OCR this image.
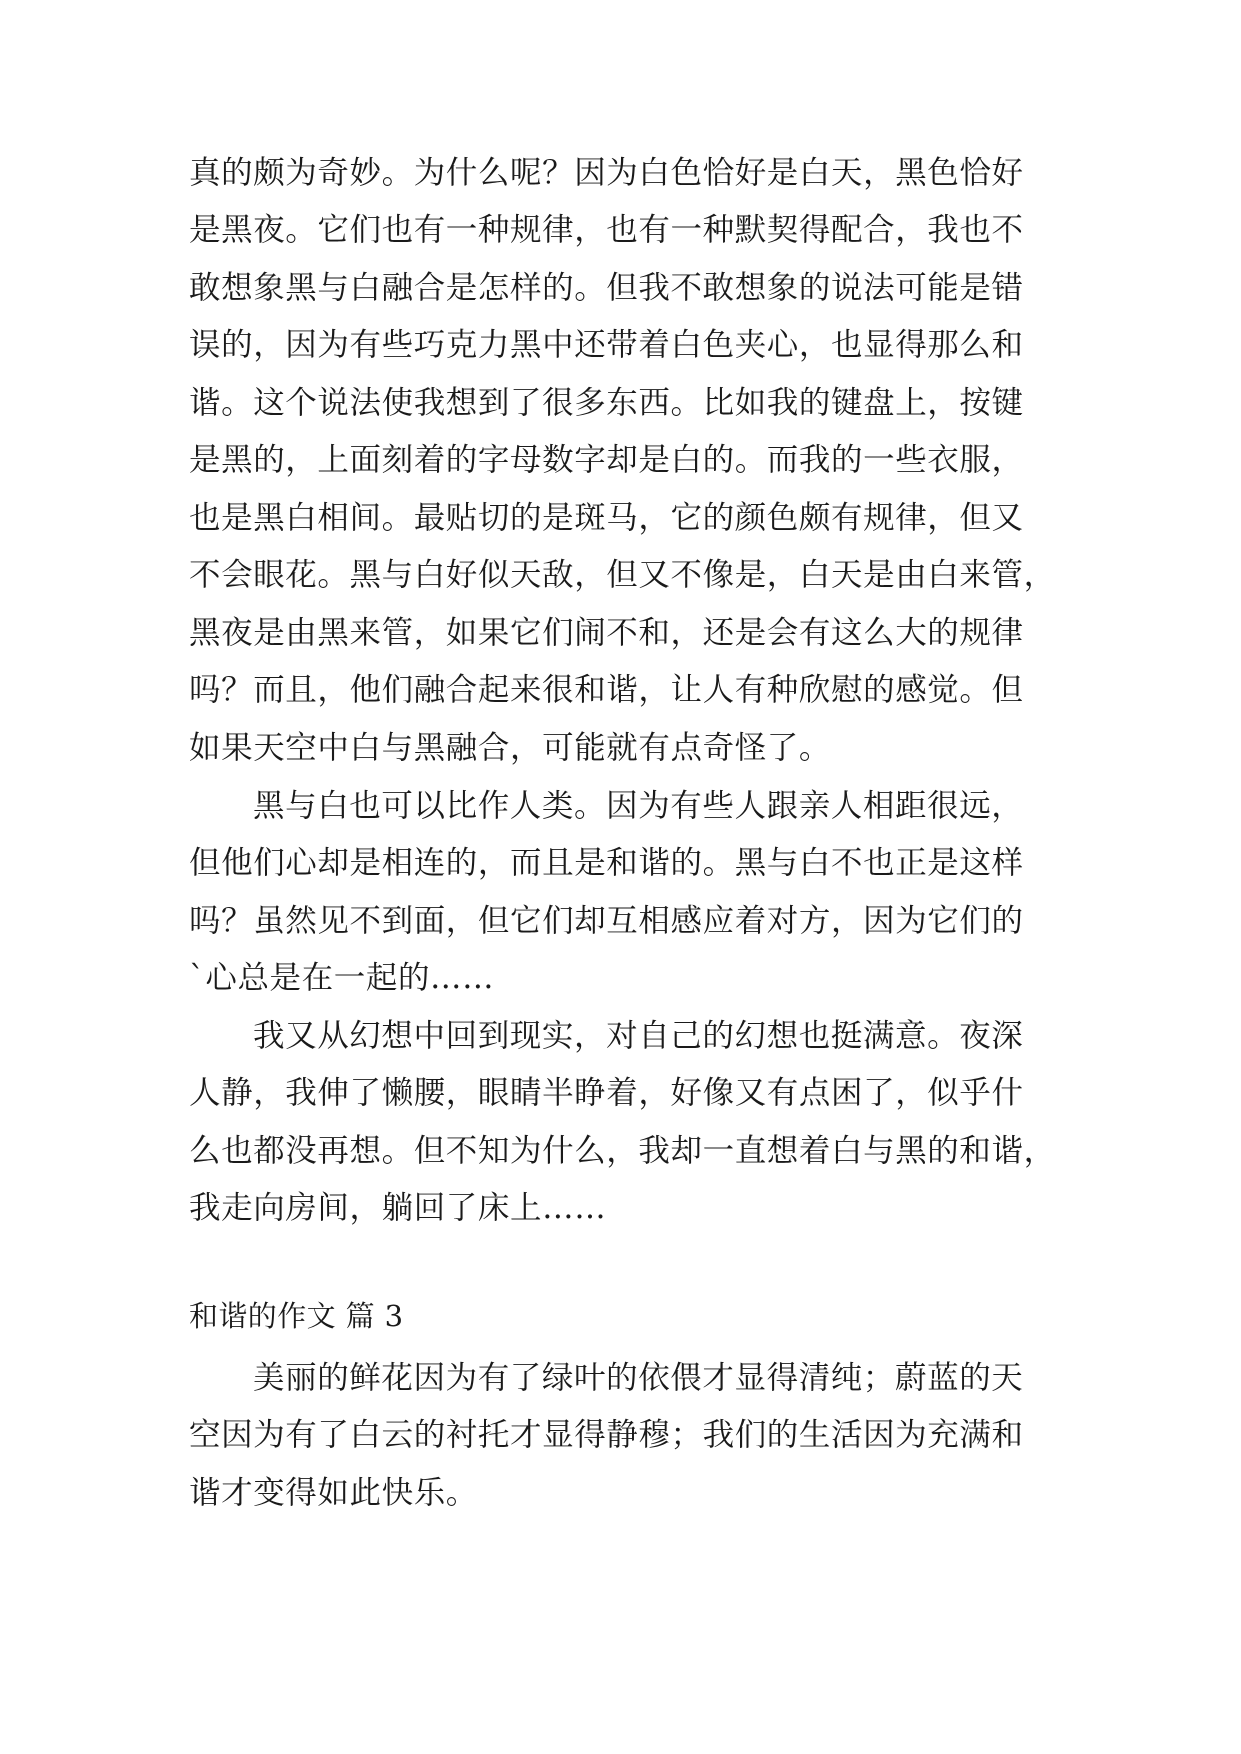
真的颇为奇妙。为什么呢？因为白色恰好是白天，黑色恰好
是黑夜。它们也有一种规律，也有一种默契得配合，我也不
敢想象黑与白融合是怎样的。但我不敢想象的说法可能是错
误的，因为有些巧克力黑中还带着白色夹心，也显得那么和
谐。这个说法使我想到了很多东西。比如我的键盘上，按键
是黑的，上面刻着的字母数字却是白的。而我的一些衣服，
也是黑白相间。最贴切的是斑马，它的颜色颇有规律，但又
不会眼花。黑与白好似天敌，但又不像是，白天是由白来管，
黑夜是由黑来管，如果它们闹不和，还是会有这么大的规律
吗？而且，他们融合起来很和谐，让人有种欣慰的感觉。但
如果天空中白与黑融合，可能就有点奇怪了。
黑与白也可以比作人类。因为有些人跟亲人相距很远，
但他们心却是相连的，而且是和谐的。黑与白不也正是这样
吗？虽然见不到面，但它们却互相感应着对方，因为它们的
`心总是在一起的……
我又从幻想中回到现实，对自己的幻想也挺满意。夜深
人静，我伸了懒腰，眼睛半睁着，好像又有点困了，似乎什
么也都没再想。但不知为什么，我却一直想着白与黑的和谐，
我走向房间，躺回了床上……
和谐的作文 篇 3
美丽的鲜花因为有了绿叶的依偎才显得清纯；蔚蓝的天
空因为有了白云的衬托才显得静穆；我们的生活因为充满和
谐才变得如此快乐。
